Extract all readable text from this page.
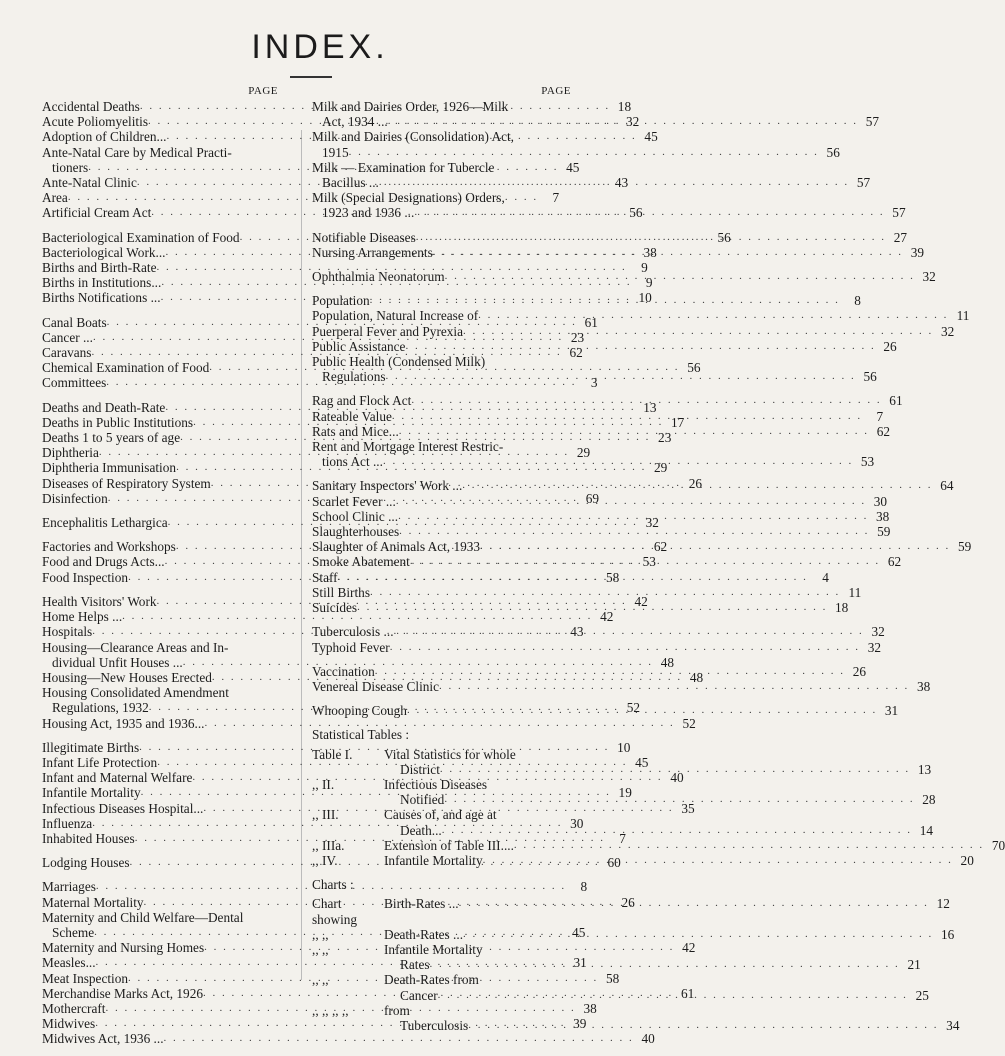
INDEX.
PAGE
Accidental Deaths . . .	18
Acute Poliomyelitis . . .	32
Adoption of Children... . . .	45
Ante-Natal Care by Medical Practi-
tioners . . .	45
Ante-Natal Clinic . . .	43
Area . . .	7
Artificial Cream Act . . .	56
Bacteriological Examination of Food . . .	56
Bacteriological Work... . . .	38
Births and Birth-Rate . . .	9
Births in Institutions... . . .	9
Births Notifications ... . . .	10
Canal Boats . . .	61
Cancer ... . . .	23
Caravans . . .	62
Chemical Examination of Food . . .	56
Committees . . .	3
Deaths and Death-Rate . . .	13
Deaths in Public Institutions . . .	17
Deaths 1 to 5 years of age . . .	23
Diphtheria . . .	29
Diphtheria Immunisation . . .	29
Diseases of Respiratory System . . .	26
Disinfection . . .	69
Encephalitis Lethargica . . .	32
Factories and Workshops . . .	62
Food and Drugs Acts... . . .	53
Food Inspection . . .	58
Health Visitors' Work . . .	42
Home Helps ... . . .	42
Hospitals . . .	43
Housing—Clearance Areas and In-
dividual Unfit Houses ... . . .	48
Housing—New Houses Erected . . .	48
Housing Consolidated Amendment
Regulations, 1932 . . .	52
Housing Act, 1935 and 1936... . . .	52
Illegitimate Births . . .	10
Infant Life Protection . . .	45
Infant and Maternal Welfare . . .	40
Infantile Mortality . . .	19
Infectious Diseases Hospital... . . .	35
Influenza . . .	30
Inhabited Houses . . .	7
Lodging Houses . . .	60
Marriages . . .	8
Maternal Mortality . . .	26
Maternity and Child Welfare—Dental
Scheme . . .	45
Maternity and Nursing Homes . . .	42
Measles... . . .	31
Meat Inspection . . .	58
Merchandise Marks Act, 1926 . . .	61
Mothercraft . . .	38
Midwives . . .	39
Midwives Act, 1936 ... . . .	40
PAGE
Milk and Dairies Order, 1926—Milk
Act, 1934 ... . . .	57
Milk and Dairies (Consolidation) Act,
1915 . . .	56
Milk — Examination for Tubercle
Bacillus ... . . .	57
Milk (Special Designations) Orders,
1923 and 1936 ... . . .	57
Notifiable Diseases . . .	27
Nursing Arrangements . . .	39
Ophthalmia Neonatorum . . .	32
Population . . .	8
Population, Natural Increase of . . .	11
Puerperal Fever and Pyrexia . . .	32
Public Assistance . . .	26
Public Health (Condensed Milk)
Regulations . . .	56
Rag and Flock Act . . .	61
Rateable Value . . .	7
Rats and Mice... . . .	62
Rent and Mortgage Interest Restric-
tions Act ... . . .	53
Sanitary Inspectors' Work ... . . .	64
Scarlet Fever ... . . .	30
School Clinic ... . . .	38
Slaughterhouses . . .	59
Slaughter of Animals Act, 1933 . . .	59
Smoke Abatement . . .	62
Staff . . .	4
Still Births . . .	11
Suicides . . .	18
Tuberculosis ... . . .	32
Typhoid Fever . . .	32
Vaccination . . .	26
Venereal Disease Clinic . . .	38
Whooping Cough . . .	31
Statistical Tables :
Table I.	Vital Statistics for whole
District . . .	13
,, II.	Infectious Diseases
Notified . . .	28
,, III.	Causes of, and age at
Death... . . .	14
,, IIIa.	Extension of Table III.... . . .	70
,, IV.	Infantile Mortality . . .	20
Charts :
Chart showing
Birth-Rates ... . . .	12
,, ,,	Death-Rates ... . . .	16
,, ,,	Infantile Mortality
Rates . . .	21
,, ,,	Death-Rates from
Cancer . . .	25
,, ,, ,, ,,	from
Tuberculosis . . .	34
